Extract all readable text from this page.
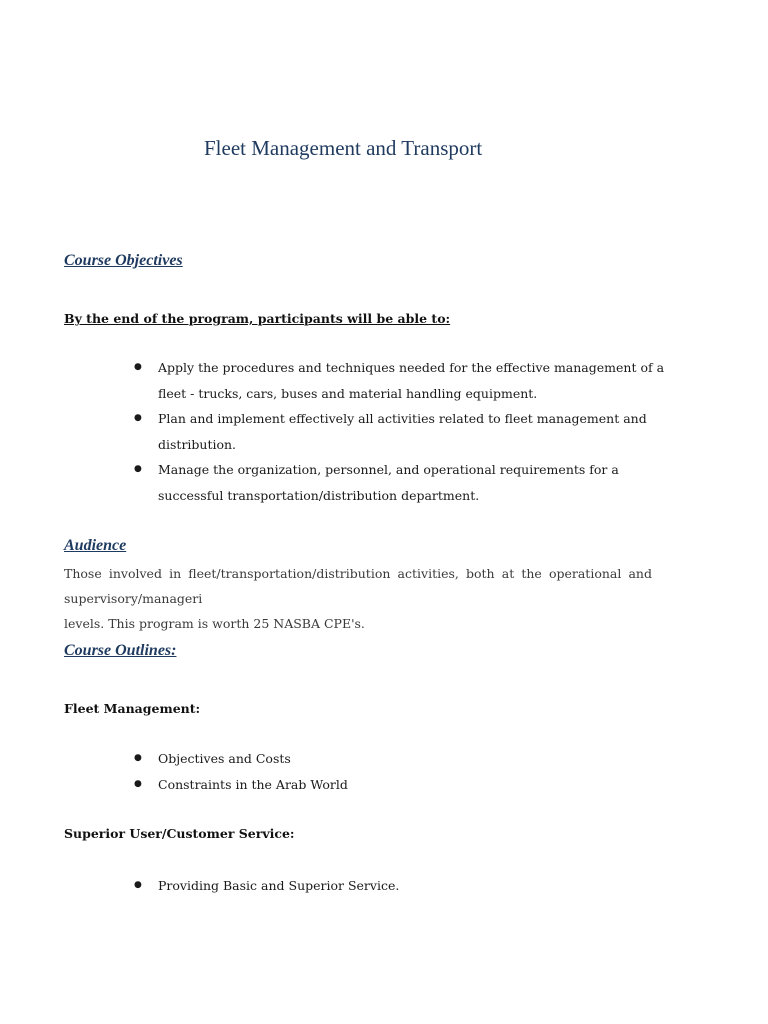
Fleet Management and Transport
Course Objectives

By the end of the program, participants will be able to:

● Apply the procedures and techniques needed for the effective management of a
fleet - trucks, cars, buses and material handling equipment.
● Plan and implement effectively all activities related to fleet management and
distribution.
● Manage the organization, personnel, and operational requirements for a
successful transportation/distribution department.
Audience
Those involved in fleet/transportation/distribution activities, both at the operational and
supervisory/manageri
levels. This program is worth 25 NASBA CPE's.
Course Outlines:

Fleet Management:

● Objectives and Costs
● Constraints in the Arab World

Superior User/Customer Service:

● Providing Basic and Superior Service.
